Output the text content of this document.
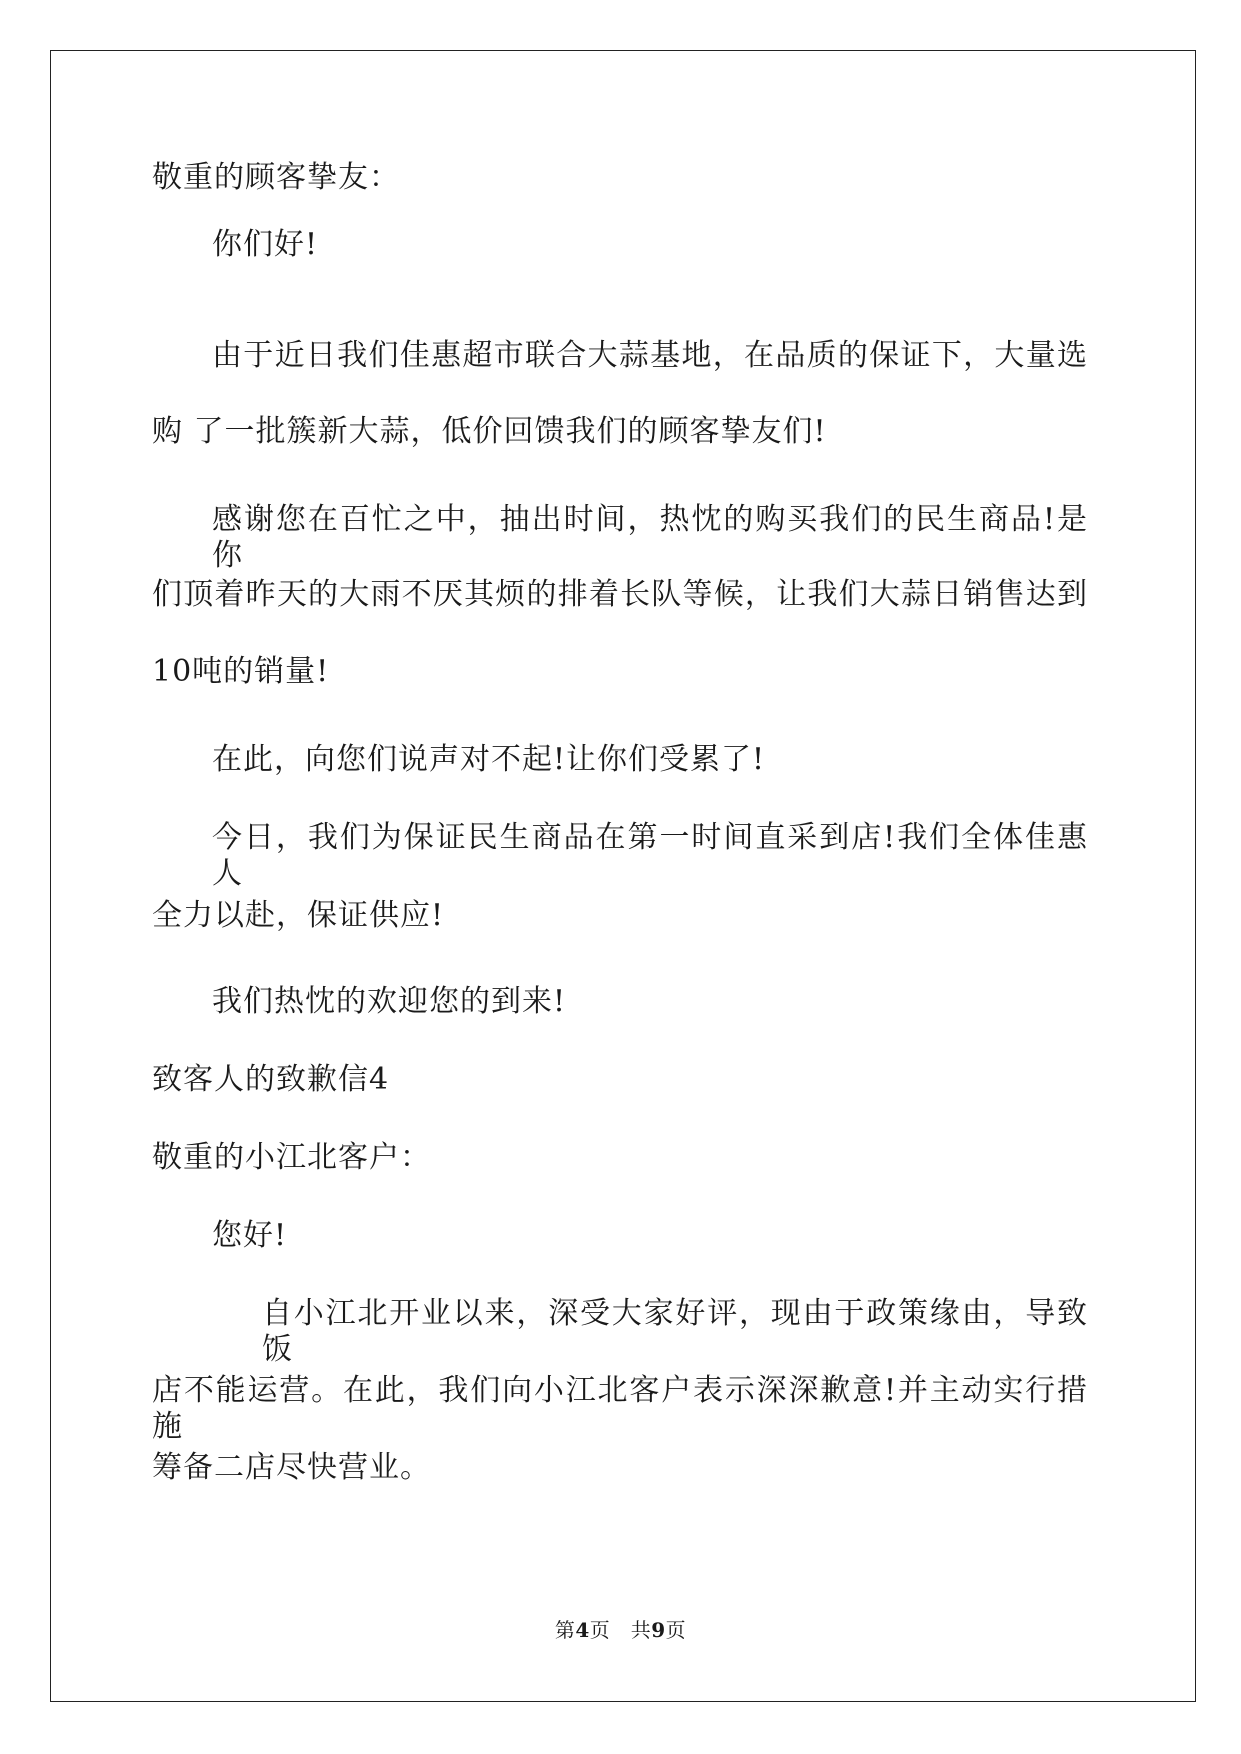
敬重的顾客挚友：
你们好!
由于近日我们佳惠超市联合大蒜基地，在品质的保证下，大量选
购 了一批簇新大蒜，低价回馈我们的顾客挚友们!
感谢您在百忙之中，抽出时间，热忱的购买我们的民生商品!是你
们顶着昨天的大雨不厌其烦的排着长队等候，让我们大蒜日销售达到
10吨的销量!
在此，向您们说声对不起!让你们受累了!
今日，我们为保证民生商品在第一时间直采到店!我们全体佳惠人
全力以赴，保证供应!
我们热忱的欢迎您的到来!
致客人的致歉信4
敬重的小江北客户：
您好!
自小江北开业以来，深受大家好评，现由于政策缘由，导致饭
店不能运营。在此，我们向小江北客户表示深深歉意!并主动实行措施
筹备二店尽快营业。
第4页　共9页
